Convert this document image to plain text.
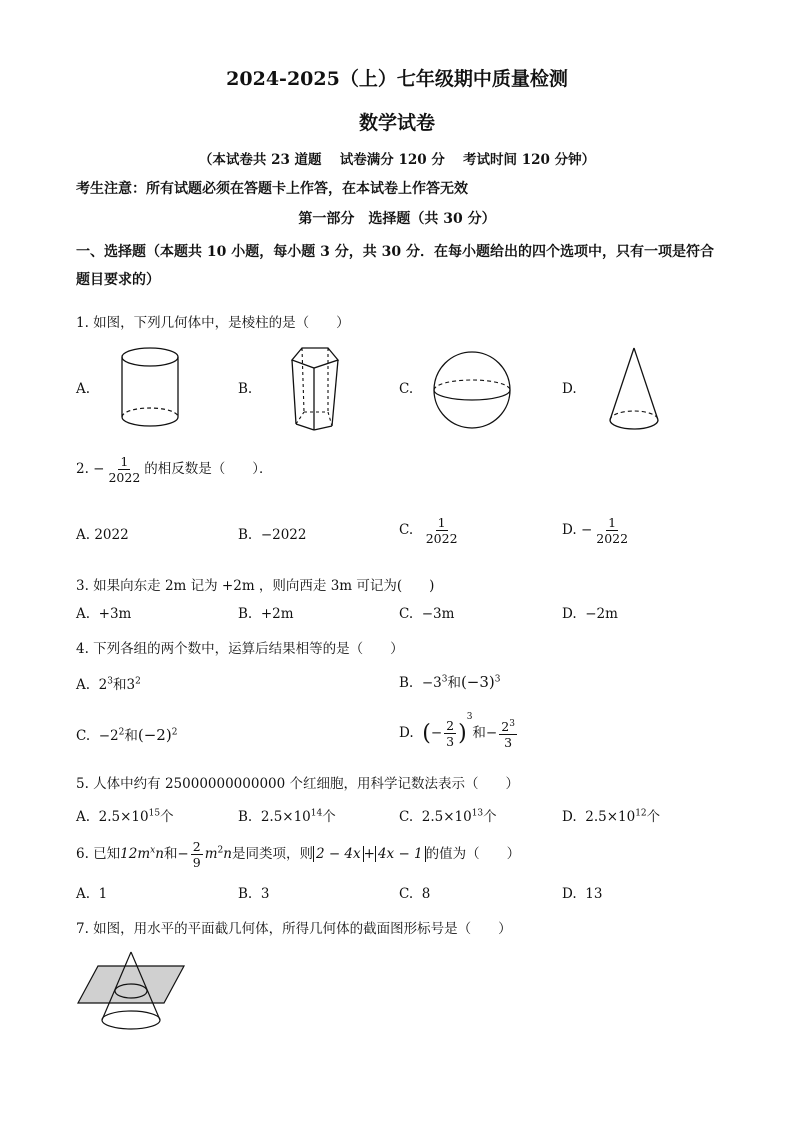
2024-2025（上）七年级期中质量检测
数学试卷
（本试卷共 23 道题　 试卷满分 120 分　 考试时间 120 分钟）
考生注意：所有试题必须在答题卡上作答，在本试卷上作答无效
第一部分　选择题（共 30 分）
一、选择题（本题共 10 小题，每小题 3 分，共 30 分．在每小题给出的四个选项中，只有一项是符合题目要求的）
1. 如图，下列几何体中，是棱柱的是（　　）
A.	B.	C.	D.
2. − $\frac{1}{2022}$ 的相反数是（　　）．
A. 2022	B. −2022	C. $\frac{1}{2022}$	D. − $\frac{1}{2022}$
3. 如果向东走 2m 记为 +2m ，则向西走 3m 可记为(　　)
A. +3m	B. +2m	C. −3m	D. −2m
4. 下列各组的两个数中，运算后结果相等的是（　　）
A. $2^3$和$3^2$	B. $-3^3$和$(-3)^3$
C. $-2^2$和$(-2)^2$	D. (− $\frac{2}{3} )^3$和− $\frac{2^3}{3}$
5. 人体中约有 25000000000000 个红细胞，用科学记数法表示（　　）
A. $2.5\times 10^{15}$个	B. $2.5\times 10^{14}$个	C. $2.5\times 10^{13}$个	D. $2.5\times 10^{12}$个
6. 已知$12m^xn$和− $\frac{2}{9} m^2n$是同类项，则 2 − 4x + 4x − 1 的值为（　　）
A. 1	B. 3	C. 8	D. 13
7. 如图，用水平的平面截几何体，所得几何体的截面图形标号是（　　）
